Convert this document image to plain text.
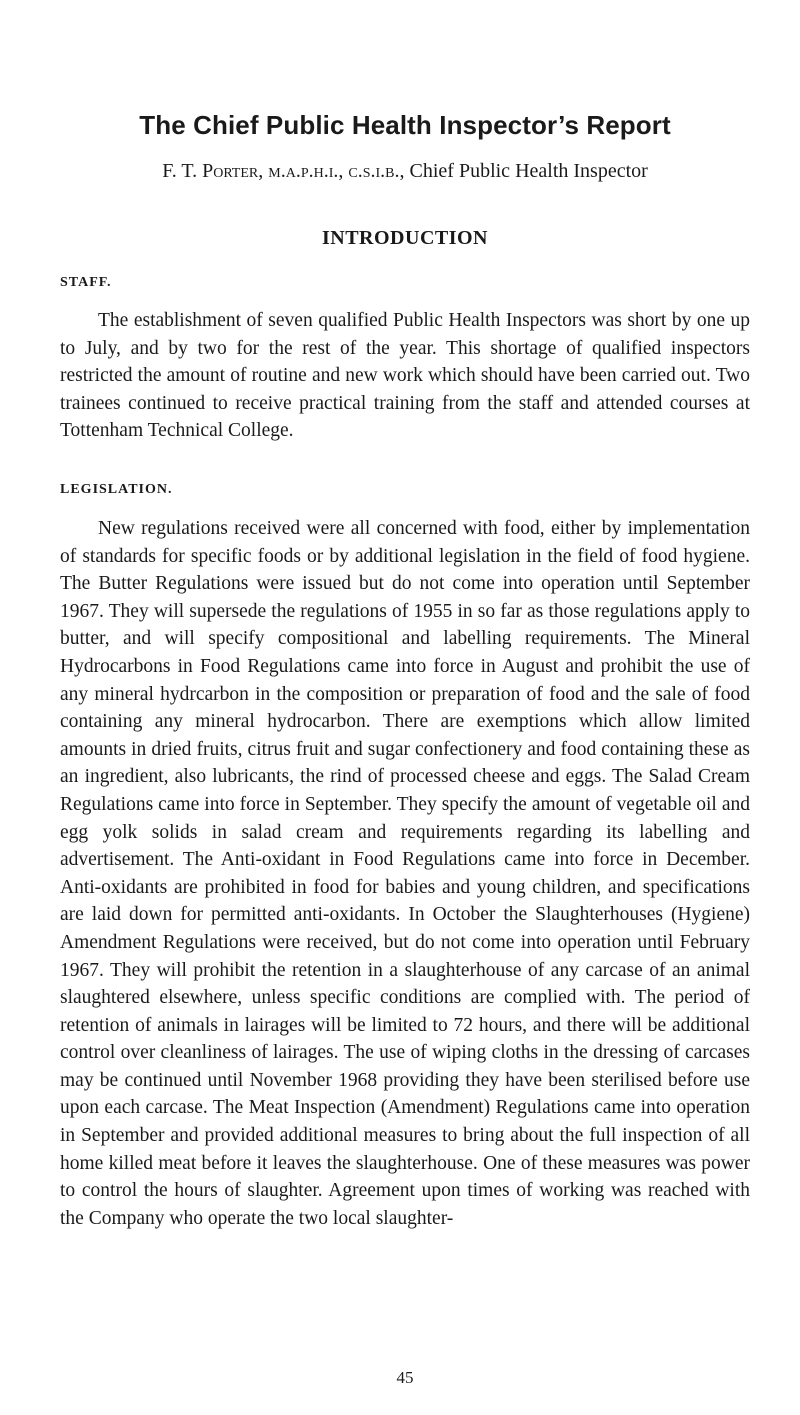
The Chief Public Health Inspector’s Report

F. T. Porter, m.a.p.h.i., c.s.i.b., Chief Public Health Inspector

INTRODUCTION
STAFF.

The establishment of seven qualified Public Health Inspectors was short by one up to July, and by two for the rest of the year. This shortage of qualified inspectors restricted the amount of routine and new work which should have been carried out. Two trainees continued to receive practical training from the staff and attended courses at Tottenham Technical College.

LEGISLATION.

New regulations received were all concerned with food, either by implementation of standards for specific foods or by additional legislation in the field of food hygiene. The Butter Regulations were issued but do not come into operation until September 1967. They will supersede the regulations of 1955 in so far as those regulations apply to butter, and will specify compositional and labelling requirements. The Mineral Hydrocarbons in Food Regulations came into force in August and prohibit the use of any mineral hydrcarbon in the composition or preparation of food and the sale of food containing any mineral hydrocarbon. There are exemptions which allow limited amounts in dried fruits, citrus fruit and sugar confectionery and food containing these as an ingredient, also lubricants, the rind of processed cheese and eggs. The Salad Cream Regulations came into force in September. They specify the amount of vegetable oil and egg yolk solids in salad cream and requirements regarding its labelling and advertisement. The Anti-oxidant in Food Regulations came into force in December. Anti-oxidants are prohibited in food for babies and young children, and specifications are laid down for permitted anti-oxidants. In October the Slaughterhouses (Hygiene) Amendment Regulations were received, but do not come into operation until February 1967. They will prohibit the retention in a slaughterhouse of any carcase of an animal slaughtered elsewhere, unless specific conditions are complied with. The period of retention of animals in lairages will be limited to 72 hours, and there will be additional control over cleanliness of lairages. The use of wiping cloths in the dressing of carcases may be continued until November 1968 providing they have been sterilised before use upon each carcase. The Meat Inspection (Amendment) Regulations came into operation in September and provided additional measures to bring about the full inspection of all home killed meat before it leaves the slaughterhouse. One of these measures was power to control the hours of slaughter. Agreement upon times of working was reached with the Company who operate the two local slaughter-

45
